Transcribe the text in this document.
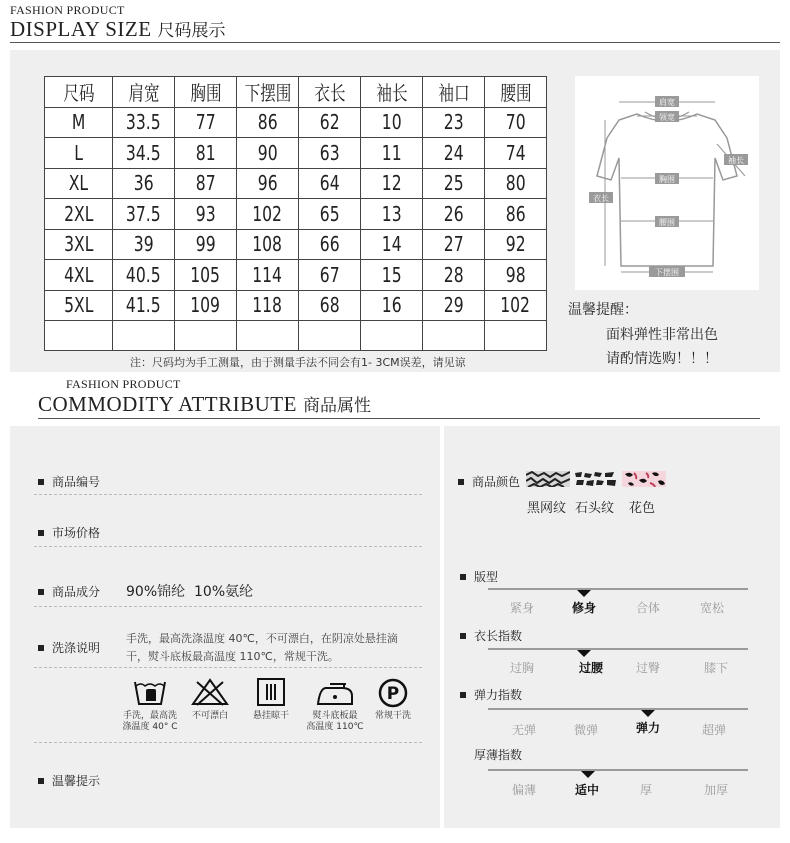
FASHION PRODUCT
DISPLAY SIZE 尺码展示
尺码	肩宽	胸围	下摆围	衣长	袖长	袖口	腰围
M	33.5	77	86	62	10	23	70
L	34.5	81	90	63	11	24	74
XL	36	87	96	64	12	25	80
2XL	37.5	93	102	65	13	26	86
3XL	39	99	108	66	14	27	92
4XL	40.5	105	114	67	15	28	98
5XL	41.5	109	118	68	16	29	102

肩宽
领宽
袖长
胸围
衣长
腰围
下摆围
温馨提醒：
面料弹性非常出色
请酌情选购！！！
注：尺码均为手工测量，由于测量手法不同会有1- 3CM误差，请见谅
FASHION PRODUCT
COMMODITY ATTRIBUTE 商品属性
商品编号
市场价格
商品成分 90%锦纶  10%氨纶
洗涤说明
手洗，最高洗涤温度 40℃，不可漂白，在阴凉处悬挂滴
干，熨斗底板最高温度 110℃，常规干洗。
P
手洗，最高洗
涤温度 40° C
不可漂白	悬挂晾干	熨斗底板最
高温度 110℃
常规干洗
温馨提示
商品颜色
黑网纹 石头纹 花色
版型
紧身	修身	合体	宽松
衣长指数
过胸	过腰	过臀	膝下
弹力指数
无弹	微弹	弹力	超弹
厚薄指数
偏薄	适中	厚	加厚
